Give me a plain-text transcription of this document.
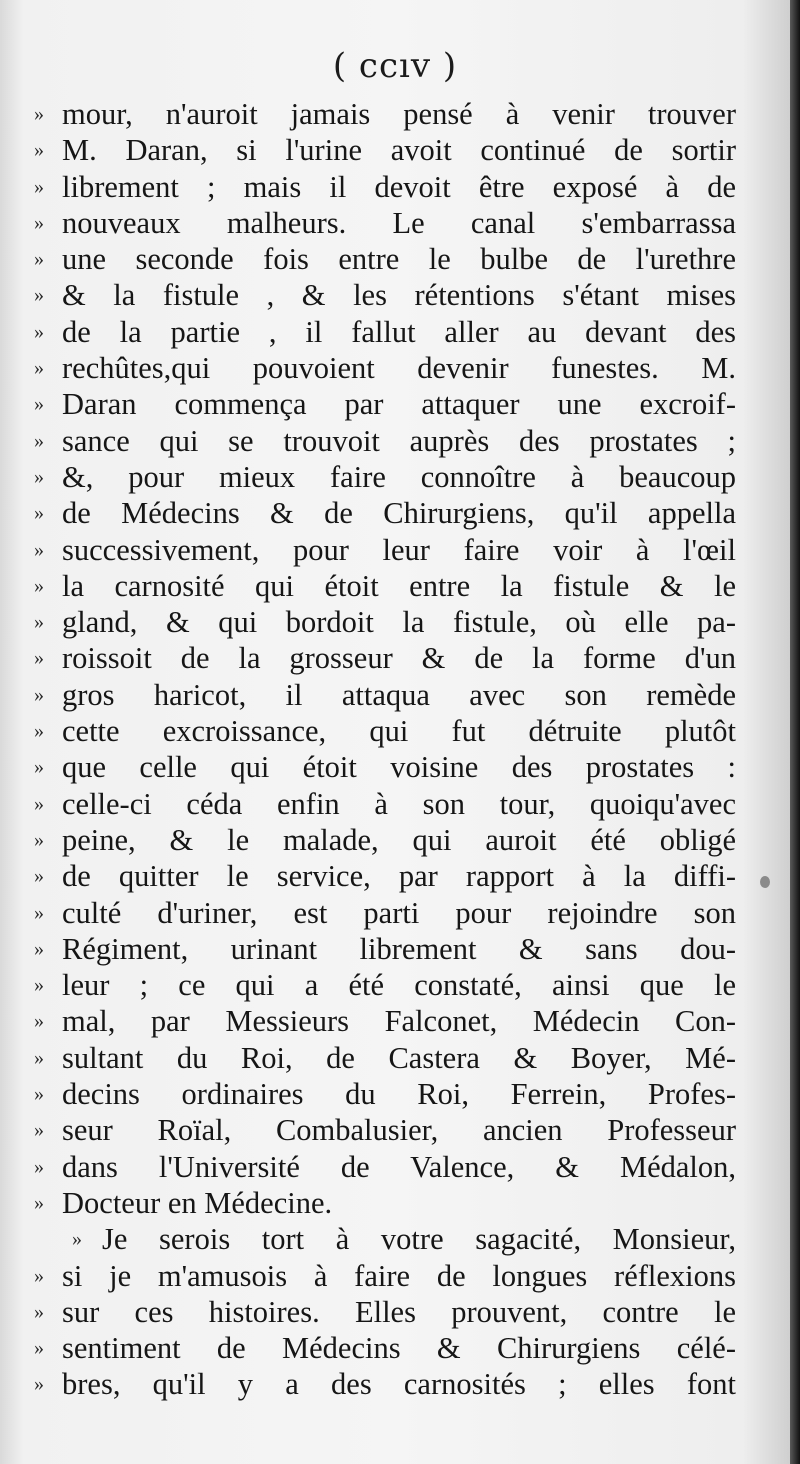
( ccıv )
» mour, n'auroit jamais pensé à venir trouver
» M. Daran, si l'urine avoit continué de sortir
» librement ; mais il devoit être exposé à de
» nouveaux malheurs. Le canal s'embarrassa
» une seconde fois entre le bulbe de l'urethre
» & la fistule , & les rétentions s'étant mises
» de la partie , il fallut aller au devant des
» rechûtes,qui pouvoient devenir funestes. M.
» Daran commença par attaquer une excroif-
» sance qui se trouvoit auprès des prostates ;
» &, pour mieux faire connoître à beaucoup
» de Médecins & de Chirurgiens, qu'il appella
» successivement, pour leur faire voir à l'œil
» la carnosité qui étoit entre la fistule & le
» gland, & qui bordoit la fistule, où elle pa-
» roissoit de la grosseur & de la forme d'un
» gros haricot, il attaqua avec son remède
» cette excroissance, qui fut détruite plutôt
» que celle qui étoit voisine des prostates :
» celle-ci céda enfin à son tour, quoiqu'avec
» peine, & le malade, qui auroit été obligé
» de quitter le service, par rapport à la diffi-
» culté d'uriner, est parti pour rejoindre son
» Régiment, urinant librement & sans dou-
» leur ; ce qui a été constaté, ainsi que le
» mal, par Messieurs Falconet, Médecin Con-
» sultant du Roi, de Castera & Boyer, Mé-
» decins ordinaires du Roi, Ferrein, Profes-
» seur Roïal, Combalusier, ancien Professeur
» dans l'Université de Valence, & Médalon,
» Docteur en Médecine.
» Je serois tort à votre sagacité, Monsieur,
» si je m'amusois à faire de longues réflexions
» sur ces histoires. Elles prouvent, contre le
» sentiment de Médecins & Chirurgiens célé-
» bres, qu'il y a des carnosités ; elles font
